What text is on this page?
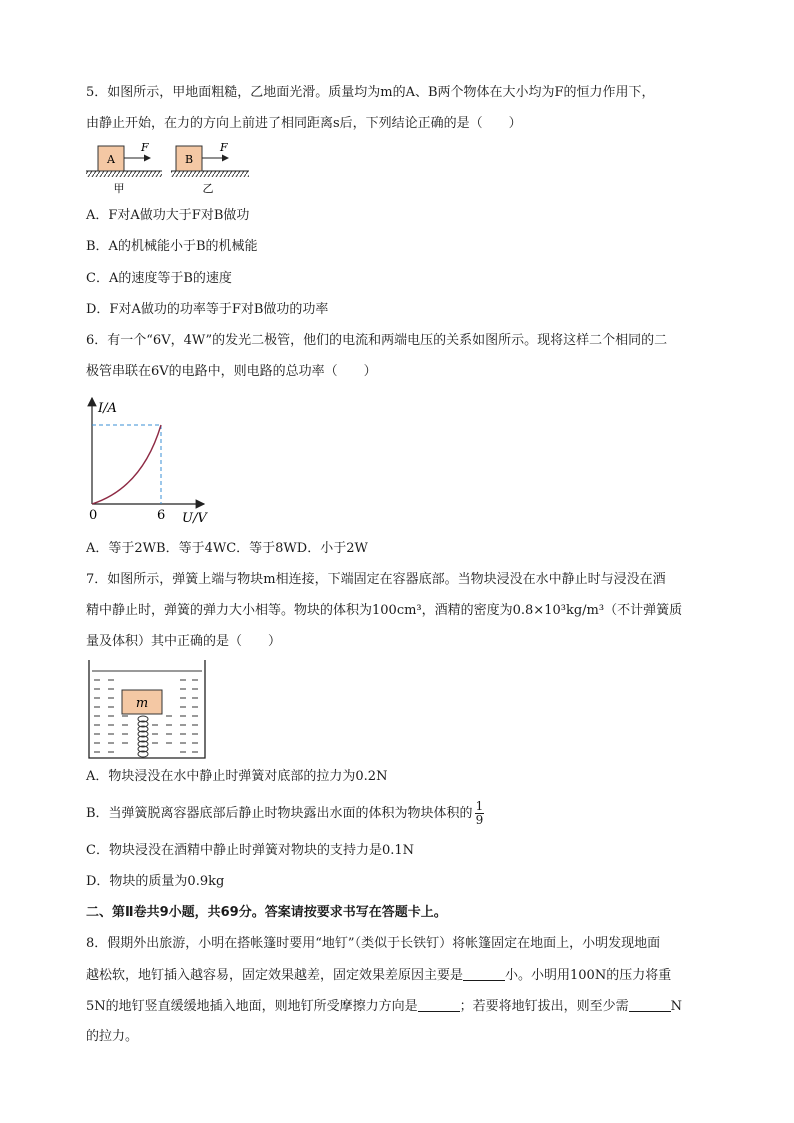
5．如图所示，甲地面粗糙，乙地面光滑。质量均为m的A、B两个物体在大小均为F的恒力作用下，
由静止开始，在力的方向上前进了相同距离s后，下列结论正确的是（　　）
A
F
B
F
甲	乙
A．F对A做功大于F对B做功
B．A的机械能小于B的机械能
C．A的速度等于B的速度
D．F对A做功的功率等于F对B做功的功率
6．有一个“6V，4W”的发光二极管，他们的电流和两端电压的关系如图所示。现将这样二个相同的二
极管串联在6V的电路中，则电路的总功率（　　）
I/A
U/V
0	6
A．等于2WB．等于4WC．等于8WD．小于2W
7．如图所示，弹簧上端与物块m相连接，下端固定在容器底部。当物块浸没在水中静止时与浸没在酒
精中静止时，弹簧的弹力大小相等。物块的体积为100cm³，酒精的密度为0.8×10³kg/m³（不计弹簧质
量及体积）其中正确的是（　　）
m
A．物块浸没在水中静止时弹簧对底部的拉力为0.2N
B．当弹簧脱离容器底部后静止时物块露出水面的体积为物块体积的 $\frac{1}{9}$
C．物块浸没在酒精中静止时弹簧对物块的支持力是0.1N
D．物块的质量为0.9kg
二、第Ⅱ卷共9小题，共69分。答案请按要求书写在答题卡上。
8．假期外出旅游，小明在搭帐篷时要用“地钉”（类似于长铁钉）将帐篷固定在地面上，小明发现地面
越松软，地钉插入越容易，固定效果越差，固定效果差原因主要是	小。小明用100N的压力将重
5N的地钉竖直缓缓地插入地面，则地钉所受摩擦力方向是	；若要将地钉拔出，则至少需	N
的拉力。
